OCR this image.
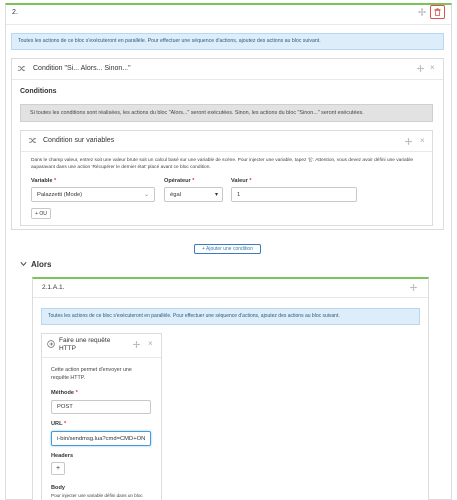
2.
Toutes les actions de ce bloc s'exécuteront en parallèle. Pour effectuer une séquence d'actions, ajoutez des actions au bloc suivant.
Condition "Si... Alors... Sinon..."	×
Conditions
Si toutes les conditions sont réalisées, les actions du bloc "Alors..." seront exécutées. Sinon, les actions du bloc "Sinon..." seront exécutées.
Condition sur variables	×
Dans le champ valeur, entrez soit une valeur brute soit un calcul basé sur une variable de scène. Pour injecter une variable, tapez '{{'. Attention, vous devez avoir défini une variable auparavant dans une action 'Récupérer le dernier état' placé avant ce bloc condition.
Variable *
Palazzetti (Mode)	⌄
Opérateur *
égal	▾
Valeur *
1
+ OU
+ Ajouter une condition
Alors
2.1.A.1.
Toutes les actions de ce bloc s'exécuteront en parallèle. Pour effectuer une séquence d'actions, ajoutez des actions au bloc suivant.
Faire une requête
HTTP
×
Cette action permet d'envoyer une requête HTTP.
Méthode *
POST
URL *
i-bin/sendmsg.lua?cmd=CMD+ON
Headers
+
Body
Pour injecter une variable défini dans un bloc
